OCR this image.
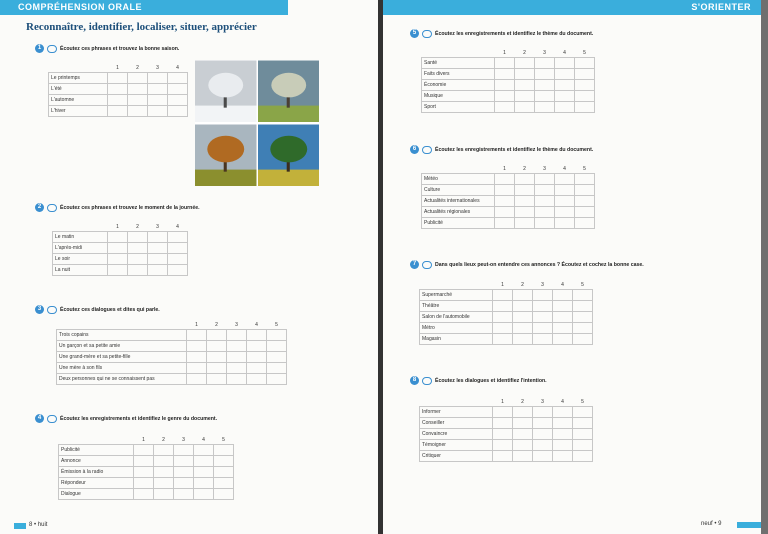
COMPRÉHENSION ORALE
Reconnaître, identifier, localiser, situer, apprécier
1	Écoutez ces phrases et trouvez la bonne saison.
	1	2	3	4
Le printemps				
L'été				
L'automne				
L'hiver				
2	Écoutez ces phrases et trouvez le moment de la journée.
	1	2	3	4
Le matin				
L'après-midi				
Le soir				
La nuit				
3	Écoutez ces dialogues et dites qui parle.
	1	2	3	4	5
Trois copains					
Un garçon et sa petite amie					
Une grand-mère et sa petite-fille					
Une mère à son fils					
Deux personnes qui ne se connaissent pas					
4	Écoutez les enregistrements et identifiez le genre du document.
	1	2	3	4	5
Publicité					
Annonce					
Émission à la radio					
Répondeur					
Dialogue					
8 • huit
S'ORIENTER
5	Écoutez les enregistrements et identifiez le thème du document.
	1	2	3	4	5
Santé					
Faits divers					
Économie					
Musique					
Sport					
6	Écoutez les enregistrements et identifiez le thème du document.
	1	2	3	4	5
Météo					
Culture					
Actualités internationales					
Actualités régionales					
Publicité					
7	Dans quels lieux peut-on entendre ces annonces ? Écoutez et cochez la bonne case.
	1	2	3	4	5
Supermarché					
Théâtre					
Salon de l'automobile					
Métro					
Magasin					
8	Écoutez les dialogues et identifiez l'intention.
	1	2	3	4	5
Informer					
Conseiller					
Convaincre					
Témoigner					
Critiquer					
neuf • 9
